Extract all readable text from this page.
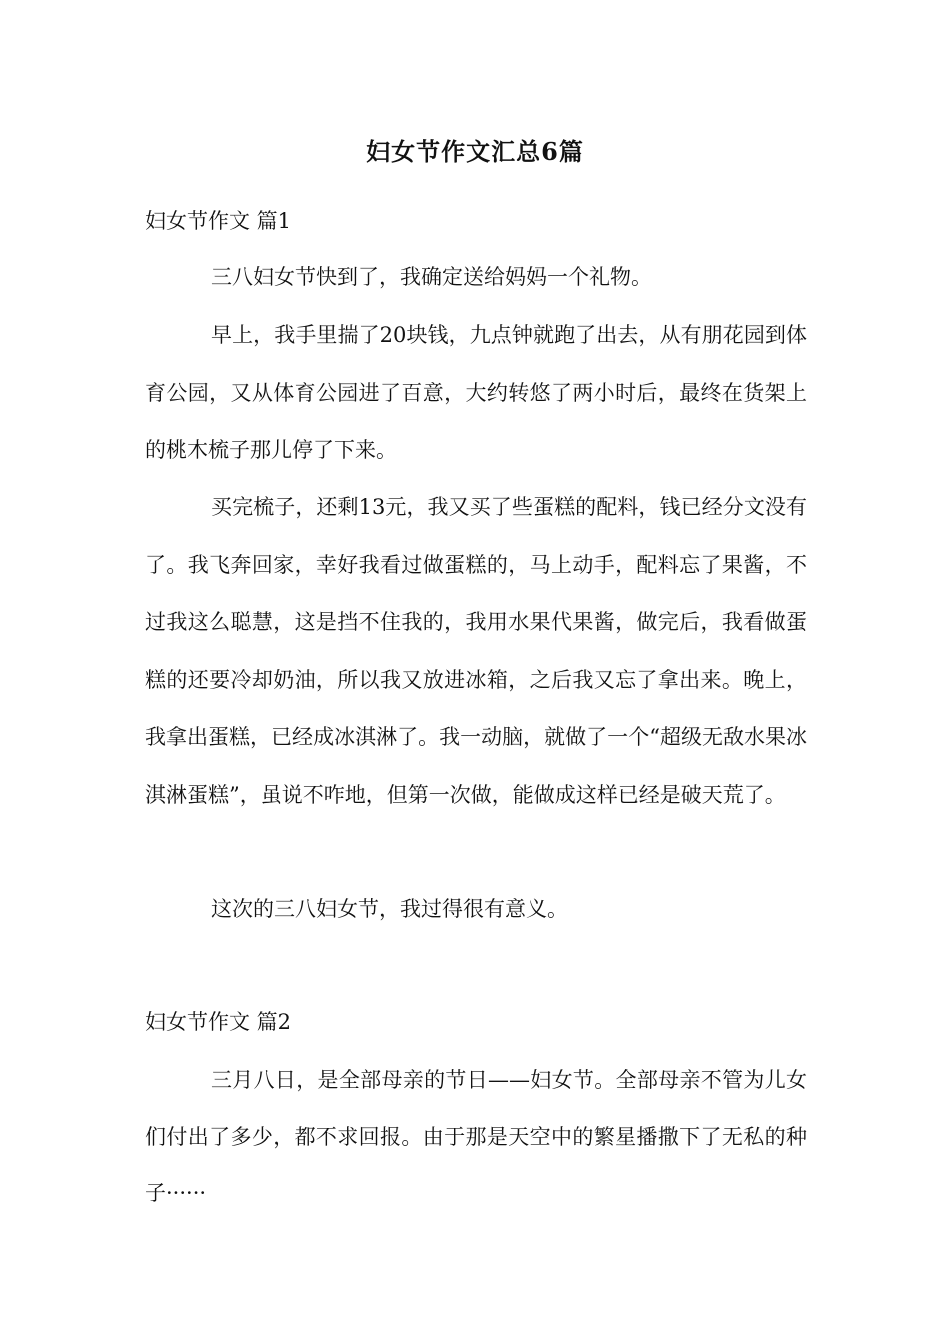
妇女节作文汇总6篇
妇女节作文 篇1

三八妇女节快到了，我确定送给妈妈一个礼物。

早上，我手里揣了20块钱，九点钟就跑了出去，从有朋花园到体育公园，又从体育公园进了百意，大约转悠了两小时后，最终在货架上的桃木梳子那儿停了下来。

买完梳子，还剩13元，我又买了些蛋糕的配料，钱已经分文没有了。我飞奔回家，幸好我看过做蛋糕的，马上动手，配料忘了果酱，不过我这么聪慧，这是挡不住我的，我用水果代果酱，做完后，我看做蛋糕的还要冷却奶油，所以我又放进冰箱，之后我又忘了拿出来。晚上，我拿出蛋糕，已经成冰淇淋了。我一动脑，就做了一个“超级无敌水果冰淇淋蛋糕”，虽说不咋地，但第一次做，能做成这样已经是破天荒了。

这次的三八妇女节，我过得很有意义。

妇女节作文 篇2

三月八日，是全部母亲的节日——妇女节。全部母亲不管为儿女们付出了多少，都不求回报。由于那是天空中的繁星播撒下了无私的种子······
